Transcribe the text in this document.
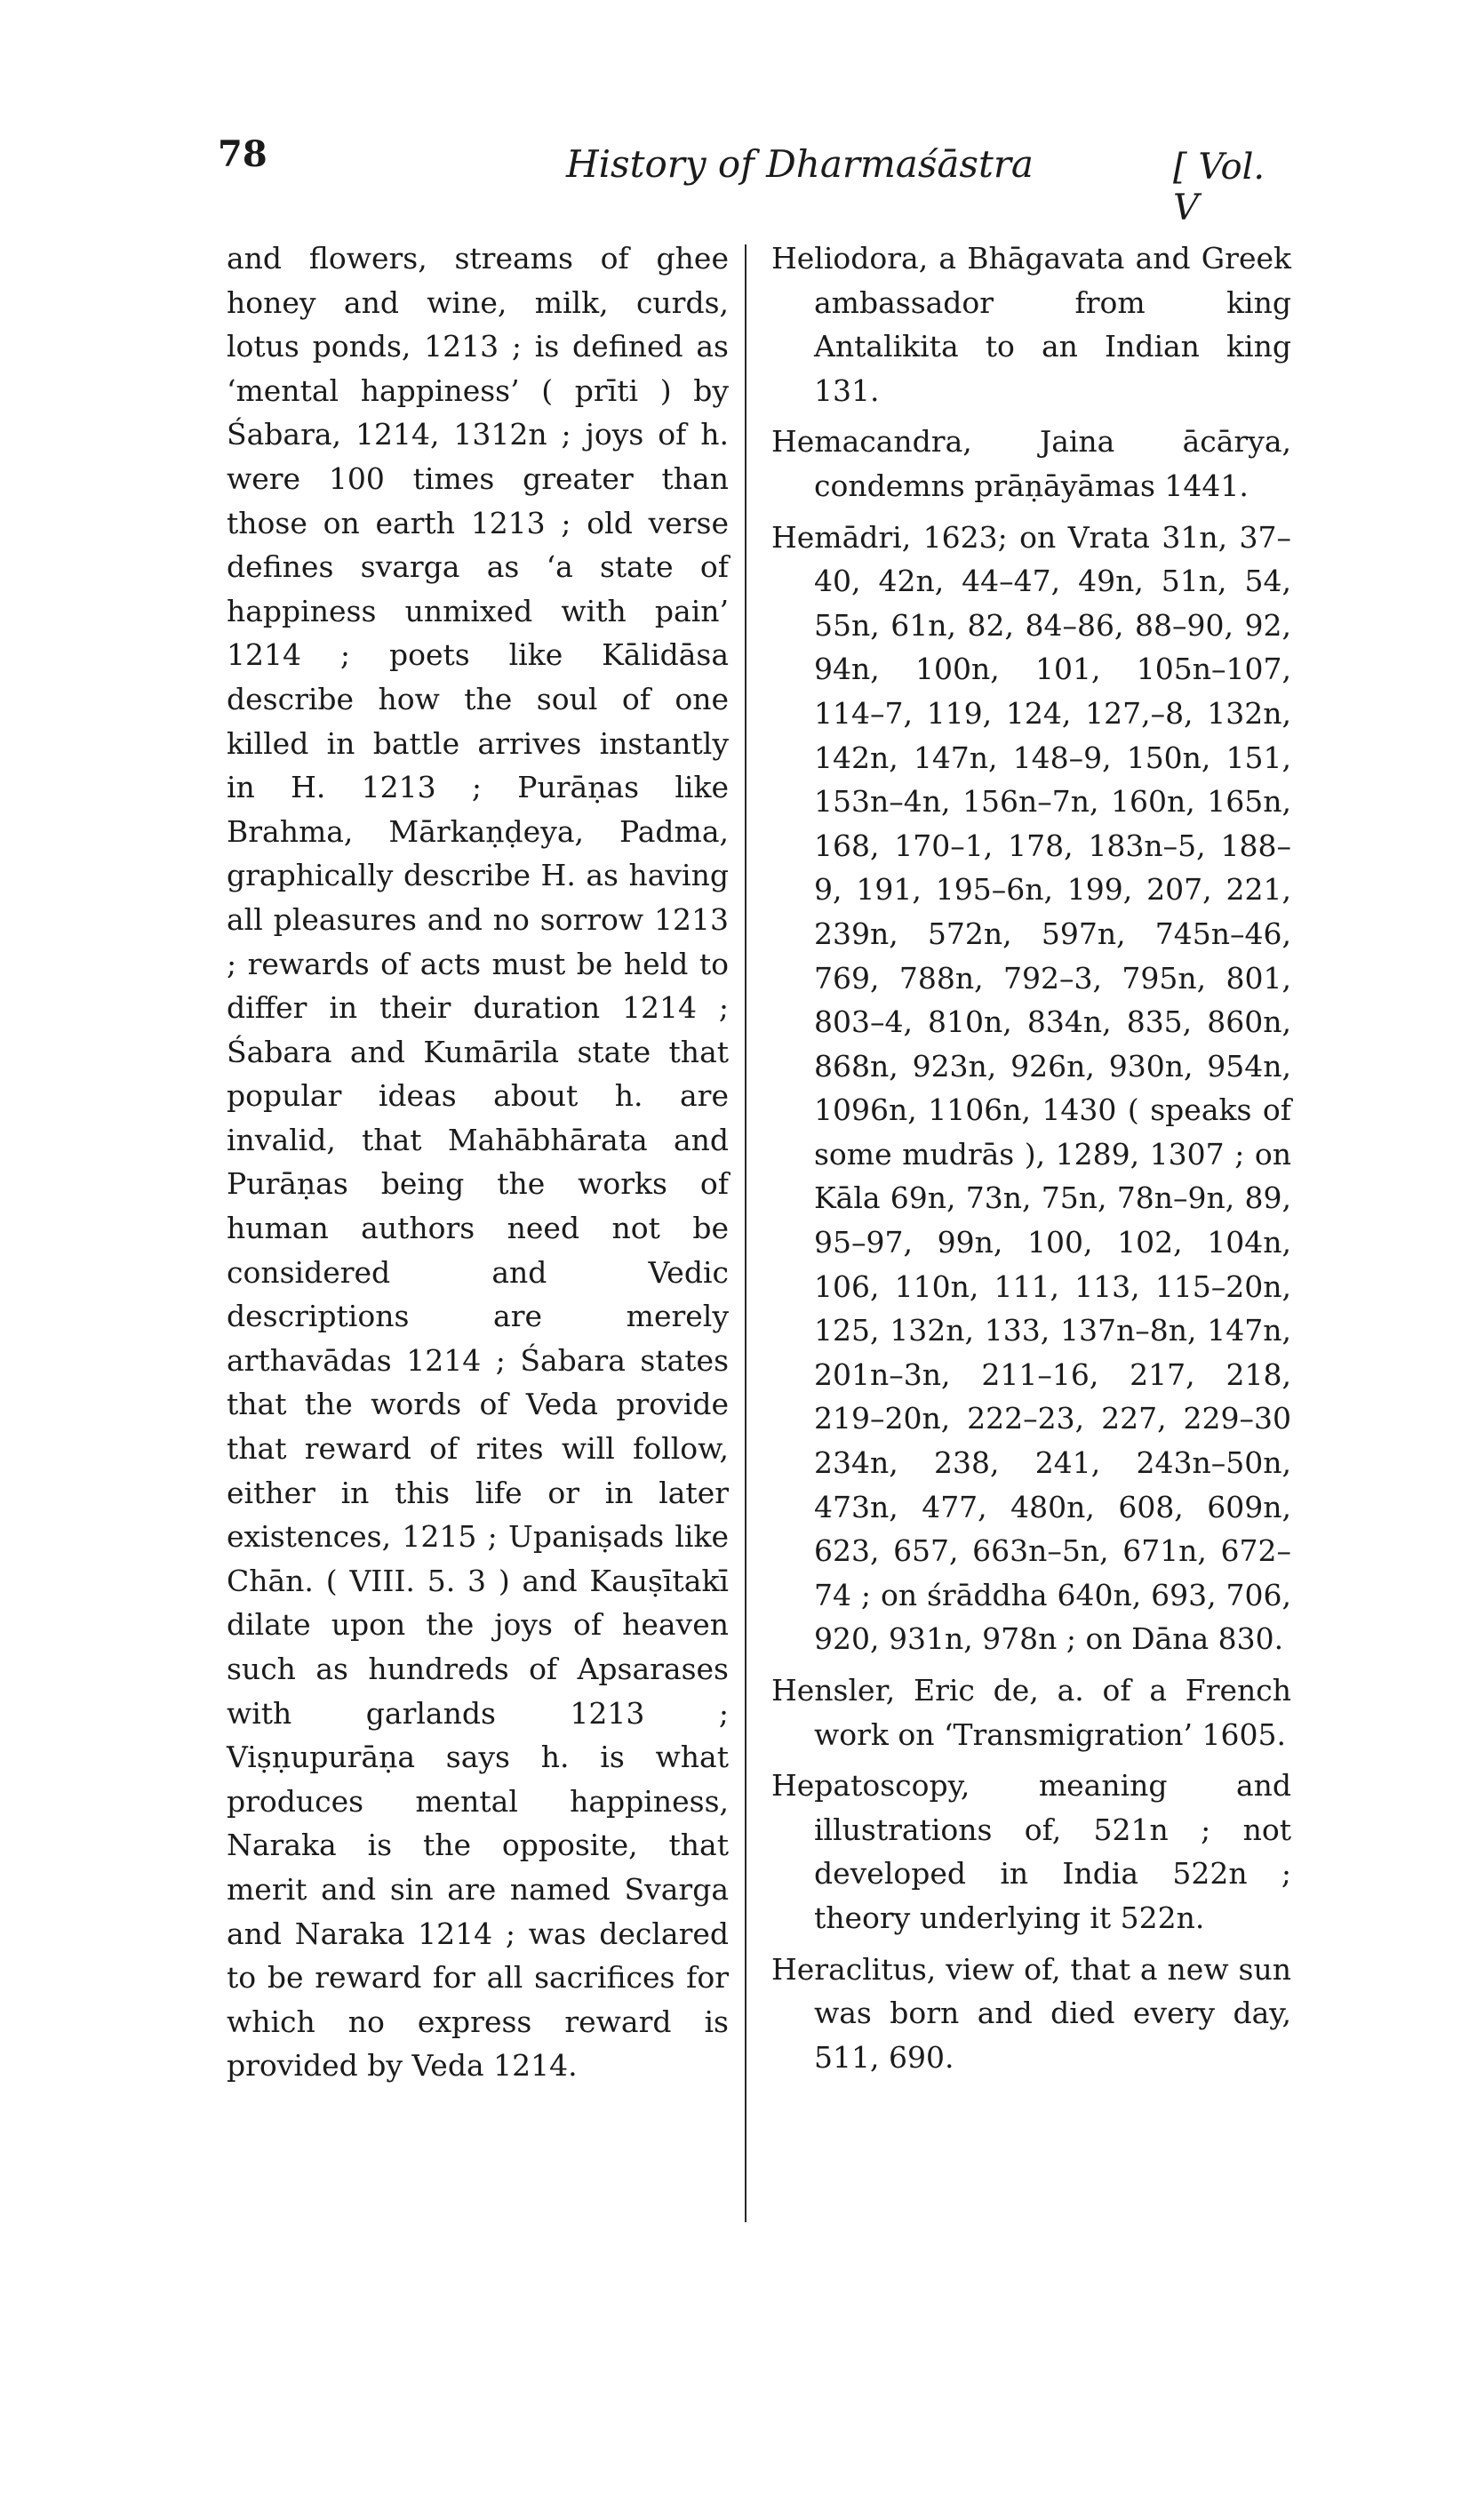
78	History of Dharmaśāstra	[ Vol. V

and flowers, streams of ghee honey and wine, milk, curds, lotus ponds, 1213 ; is defined as ‘mental happiness’ ( prīti ) by Śabara, 1214, 1312n ; joys of h. were 100 times greater than those on earth 1213 ; old verse defines svarga as ‘a state of happiness unmixed with pain’ 1214 ; poets like Kālidāsa describe how the soul of one killed in battle arrives instantly in H. 1213 ; Purāṇas like Brahma, Mārkaṇḍeya, Padma, graphically describe H. as having all pleasures and no sorrow 1213 ; rewards of acts must be held to differ in their duration 1214 ; Śabara and Kumārila state that popular ideas about h. are invalid, that Mahābhārata and Purāṇas being the works of human authors need not be considered and Vedic descriptions are merely arthavādas 1214 ; Śabara states that the words of Veda provide that reward of rites will follow, either in this life or in later existences, 1215 ; Upaniṣads like Chān. ( VIII. 5. 3 ) and Kauṣītakī dilate upon the joys of heaven such as hundreds of Apsarases with garlands 1213 ; Viṣṇupurāṇa says h. is what produces mental happiness, Naraka is the opposite, that merit and sin are named Svarga and Naraka 1214 ; was declared to be reward for all sacrifices for which no express reward is provided by Veda 1214.

Heliodora, a Bhāgavata and Greek ambassador from king Antalikita to an Indian king 131.

Hemacandra, Jaina ācārya, condemns prāṇāyāmas 1441.

Hemādri, 1623; on Vrata 31n, 37–40, 42n, 44–47, 49n, 51n, 54, 55n, 61n, 82, 84–86, 88–90, 92, 94n, 100n, 101, 105n–107, 114–7, 119, 124, 127,–8, 132n, 142n, 147n, 148–9, 150n, 151, 153n–4n, 156n–7n, 160n, 165n, 168, 170–1, 178, 183n–5, 188–9, 191, 195–6n, 199, 207, 221, 239n, 572n, 597n, 745n–46, 769, 788n, 792–3, 795n, 801, 803–4, 810n, 834n, 835, 860n, 868n, 923n, 926n, 930n, 954n, 1096n, 1106n, 1430 ( speaks of some mudrās ), 1289, 1307 ; on Kāla 69n, 73n, 75n, 78n–9n, 89, 95–97, 99n, 100, 102, 104n, 106, 110n, 111, 113, 115–20n, 125, 132n, 133, 137n–8n, 147n, 201n–3n, 211–16, 217, 218, 219–20n, 222–23, 227, 229–30 234n, 238, 241, 243n–50n, 473n, 477, 480n, 608, 609n, 623, 657, 663n–5n, 671n, 672–74 ; on śrāddha 640n, 693, 706, 920, 931n, 978n ; on Dāna 830.

Hensler, Eric de, a. of a French work on ‘Transmigration’ 1605.

Hepatoscopy, meaning and illustrations of, 521n ; not developed in India 522n ; theory underlying it 522n.

Heraclitus, view of, that a new sun was born and died every day, 511, 690.
